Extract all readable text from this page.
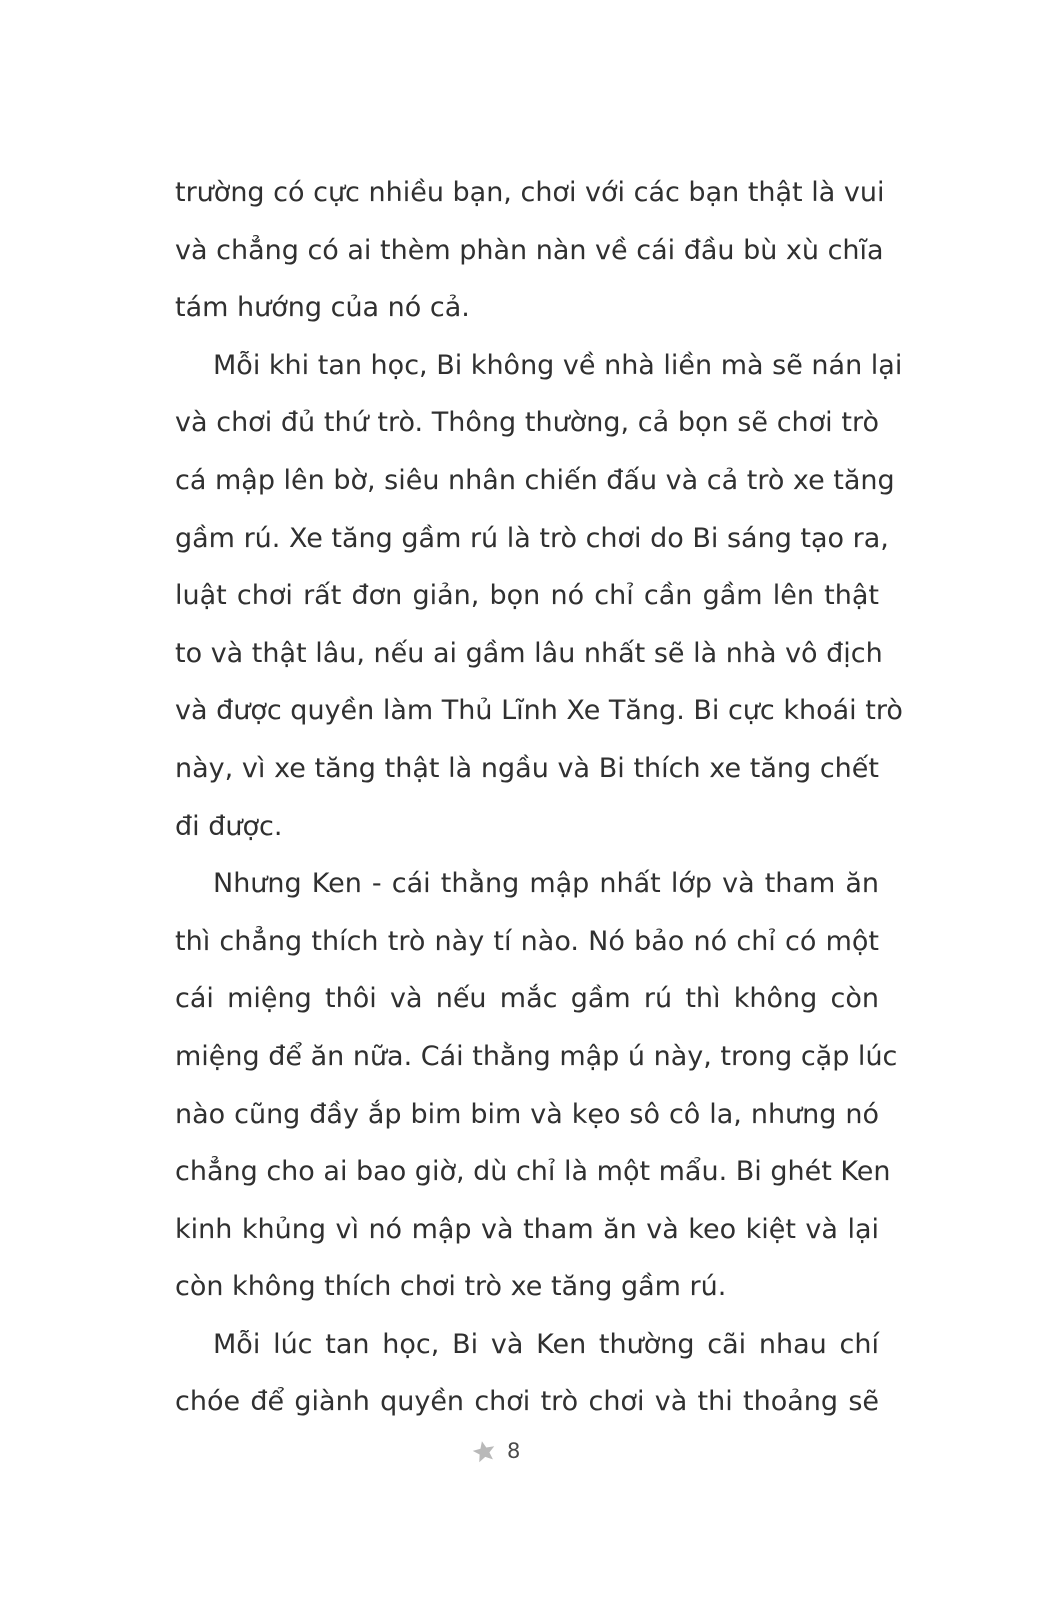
trường có cực nhiều bạn, chơi với các bạn thật là vui
và chẳng có ai thèm phàn nàn về cái đầu bù xù chĩa
tám hướng của nó cả.
Mỗi khi tan học, Bi không về nhà liền mà sẽ nán lại
và chơi đủ thứ trò. Thông thường, cả bọn sẽ chơi trò
cá mập lên bờ, siêu nhân chiến đấu và cả trò xe tăng
gầm rú. Xe tăng gầm rú là trò chơi do Bi sáng tạo ra,
luật chơi rất đơn giản, bọn nó chỉ cần gầm lên thật
to và thật lâu, nếu ai gầm lâu nhất sẽ là nhà vô địch
và được quyền làm Thủ Lĩnh Xe Tăng. Bi cực khoái trò
này, vì xe tăng thật là ngầu và Bi thích xe tăng chết
đi được.
Nhưng Ken - cái thằng mập nhất lớp và tham ăn
thì chẳng thích trò này tí nào. Nó bảo nó chỉ có một
cái miệng thôi và nếu mắc gầm rú thì không còn
miệng để ăn nữa. Cái thằng mập ú này, trong cặp lúc
nào cũng đầy ắp bim bim và kẹo sô cô la, nhưng nó
chẳng cho ai bao giờ, dù chỉ là một mẩu. Bi ghét Ken
kinh khủng vì nó mập và tham ăn và keo kiệt và lại
còn không thích chơi trò xe tăng gầm rú.
Mỗi lúc tan học, Bi và Ken thường cãi nhau chí
chóe để giành quyền chơi trò chơi và thi thoảng sẽ
8
